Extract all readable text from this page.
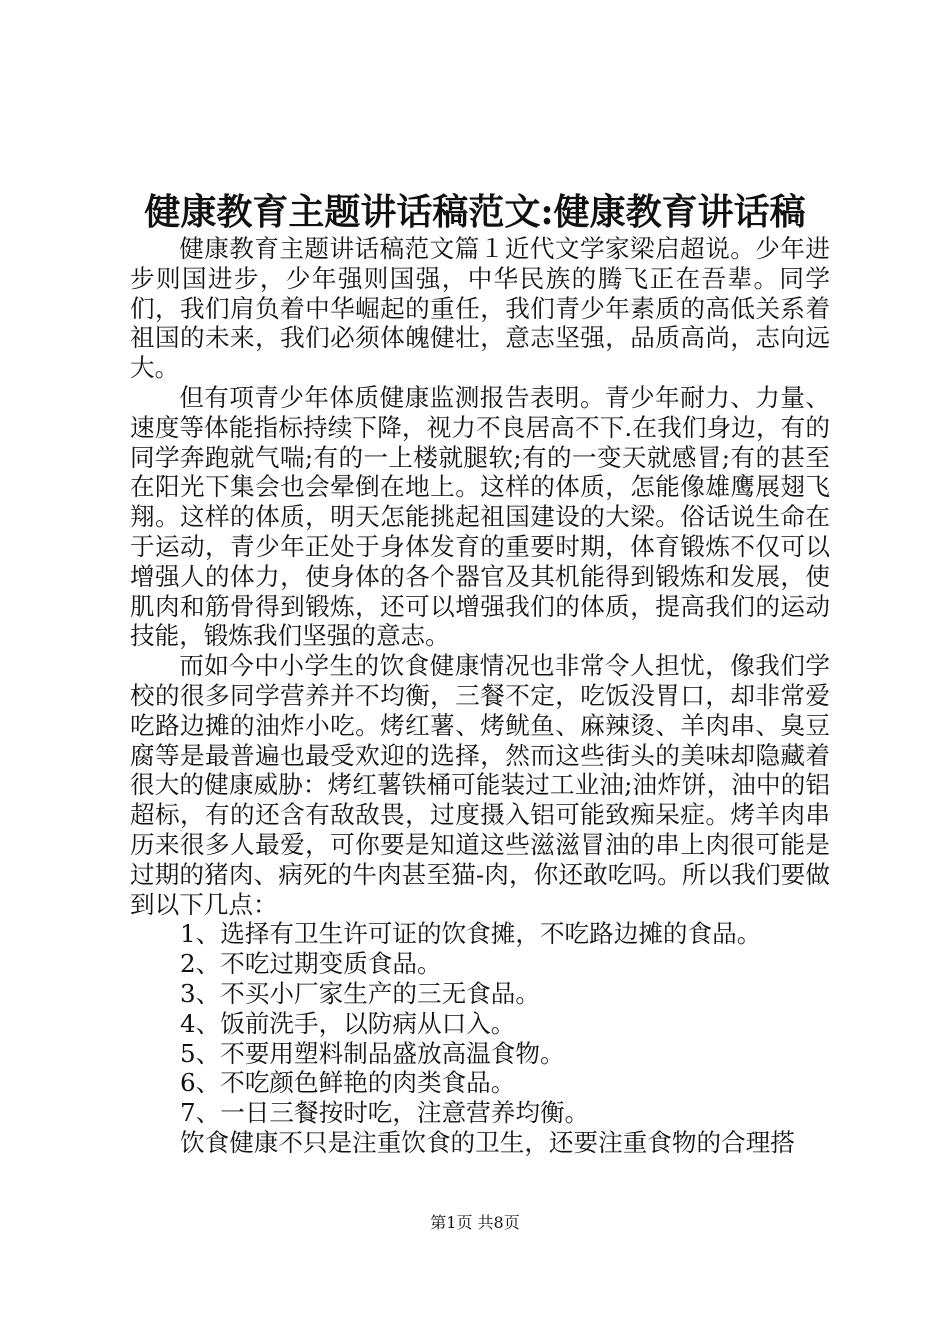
健康教育主题讲话稿范文:健康教育讲话稿

健康教育主题讲话稿范文篇１近代文学家梁启超说。少年进步则国进步，少年强则国强，中华民族的腾飞正在吾辈。同学们，我们肩负着中华崛起的重任，我们青少年素质的高低关系着祖国的未来，我们必须体魄健壮，意志坚强，品质高尚，志向远大。

但有项青少年体质健康监测报告表明。青少年耐力、力量、速度等体能指标持续下降，视力不良居高不下.在我们身边，有的同学奔跑就气喘;有的一上楼就腿软;有的一变天就感冒;有的甚至在阳光下集会也会晕倒在地上。这样的体质，怎能像雄鹰展翅飞翔。这样的体质，明天怎能挑起祖国建设的大梁。俗话说生命在于运动，青少年正处于身体发育的重要时期，体育锻炼不仅可以增强人的体力，使身体的各个器官及其机能得到锻炼和发展，使肌肉和筋骨得到锻炼，还可以增强我们的体质，提高我们的运动技能，锻炼我们坚强的意志。

而如今中小学生的饮食健康情况也非常令人担忧，像我们学校的很多同学营养并不均衡，三餐不定，吃饭没胃口，却非常爱吃路边摊的油炸小吃。烤红薯、烤鱿鱼、麻辣烫、羊肉串、臭豆腐等是最普遍也最受欢迎的选择，然而这些街头的美味却隐藏着很大的健康威胁：烤红薯铁桶可能装过工业油;油炸饼，油中的铝超标，有的还含有敌敌畏，过度摄入铝可能致痴呆症。烤羊肉串历来很多人最爱，可你要是知道这些滋滋冒油的串上肉很可能是过期的猪肉、病死的牛肉甚至猫-肉，你还敢吃吗。所以我们要做到以下几点：

1、选择有卫生许可证的饮食摊，不吃路边摊的食品。

2、不吃过期变质食品。

3、不买小厂家生产的三无食品。

4、饭前洗手，以防病从口入。

5、不要用塑料制品盛放高温食物。

6、不吃颜色鲜艳的肉类食品。

7、一日三餐按时吃，注意营养均衡。

饮食健康不只是注重饮食的卫生，还要注重食物的合理搭

第1页 共8页
